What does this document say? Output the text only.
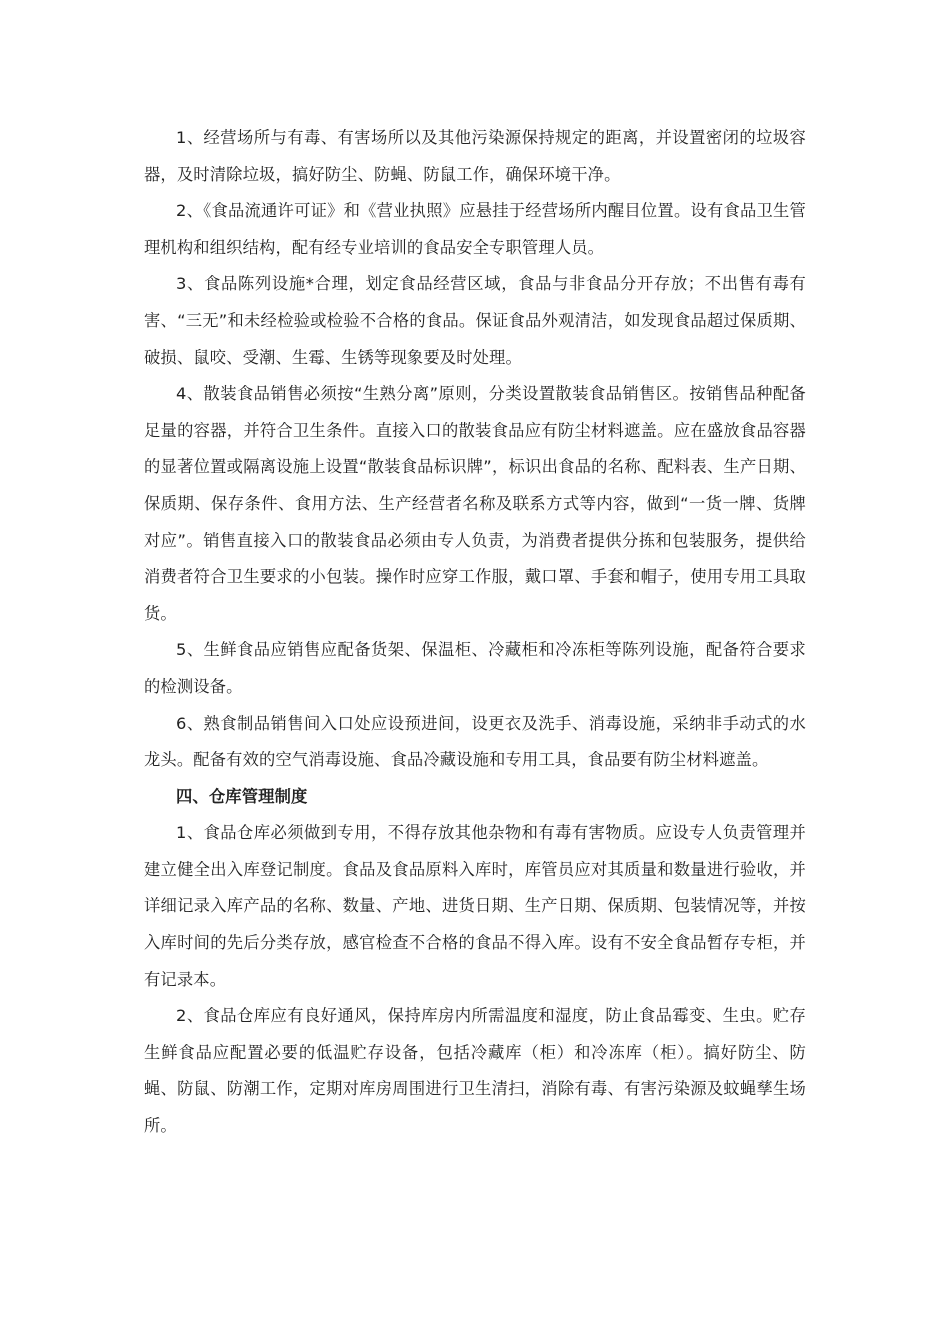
1、经营场所与有毒、有害场所以及其他污染源保持规定的距离，并设置密闭的垃圾容器，及时清除垃圾，搞好防尘、防蝇、防鼠工作，确保环境干净。

2、《食品流通许可证》和《营业执照》应悬挂于经营场所内醒目位置。设有食品卫生管理机构和组织结构，配有经专业培训的食品安全专职管理人员。

3、食品陈列设施*合理，划定食品经营区域，食品与非食品分开存放；不出售有毒有害、“三无”和未经检验或检验不合格的食品。保证食品外观清洁，如发现食品超过保质期、破损、鼠咬、受潮、生霉、生锈等现象要及时处理。

4、散装食品销售必须按“生熟分离”原则，分类设置散装食品销售区。按销售品种配备足量的容器，并符合卫生条件。直接入口的散装食品应有防尘材料遮盖。应在盛放食品容器的显著位置或隔离设施上设置“散装食品标识牌”，标识出食品的名称、配料表、生产日期、保质期、保存条件、食用方法、生产经营者名称及联系方式等内容，做到“一货一牌、货牌对应”。销售直接入口的散装食品必须由专人负责，为消费者提供分拣和包装服务，提供给消费者符合卫生要求的小包装。操作时应穿工作服，戴口罩、手套和帽子，使用专用工具取货。

5、生鲜食品应销售应配备货架、保温柜、冷藏柜和冷冻柜等陈列设施，配备符合要求的检测设备。

6、熟食制品销售间入口处应设预进间，设更衣及洗手、消毒设施，采纳非手动式的水龙头。配备有效的空气消毒设施、食品冷藏设施和专用工具，食品要有防尘材料遮盖。

四、仓库管理制度

1、食品仓库必须做到专用，不得存放其他杂物和有毒有害物质。应设专人负责管理并建立健全出入库登记制度。食品及食品原料入库时，库管员应对其质量和数量进行验收，并详细记录入库产品的名称、数量、产地、进货日期、生产日期、保质期、包装情况等，并按入库时间的先后分类存放，感官检查不合格的食品不得入库。设有不安全食品暂存专柜，并有记录本。

2、食品仓库应有良好通风，保持库房内所需温度和湿度，防止食品霉变、生虫。贮存生鲜食品应配置必要的低温贮存设备，包括冷藏库（柜）和冷冻库（柜）。搞好防尘、防蝇、防鼠、防潮工作，定期对库房周围进行卫生清扫，消除有毒、有害污染源及蚊蝇孳生场所。
